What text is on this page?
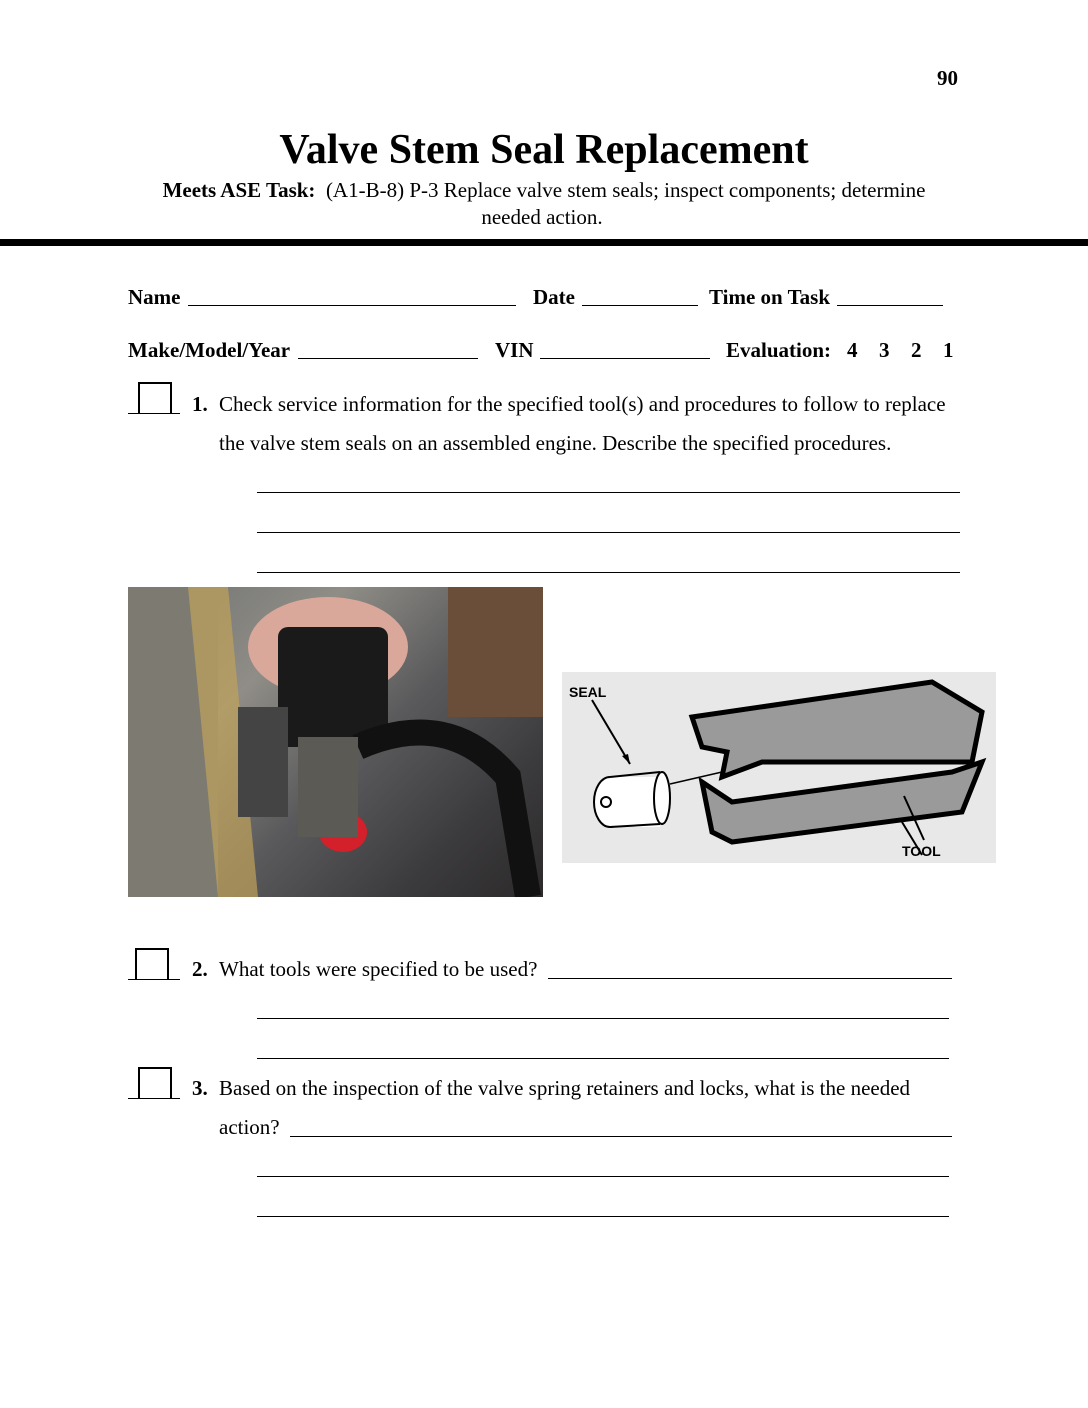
90
Valve Stem Seal Replacement
Meets ASE Task: (A1-B-8) P-3 Replace valve stem seals; inspect components; determine
needed action.
Name	Date	Time on Task
Make/Model/Year	VIN	Evaluation: 4 3 2 1
1. Check service information for the specified tool(s) and procedures to follow to replace
the valve stem seals on an assembled engine. Describe the specified procedures.
SEAL
TOOL
2. What tools were specified to be used?
3. Based on the inspection of the valve spring retainers and locks, what is the needed
action?
